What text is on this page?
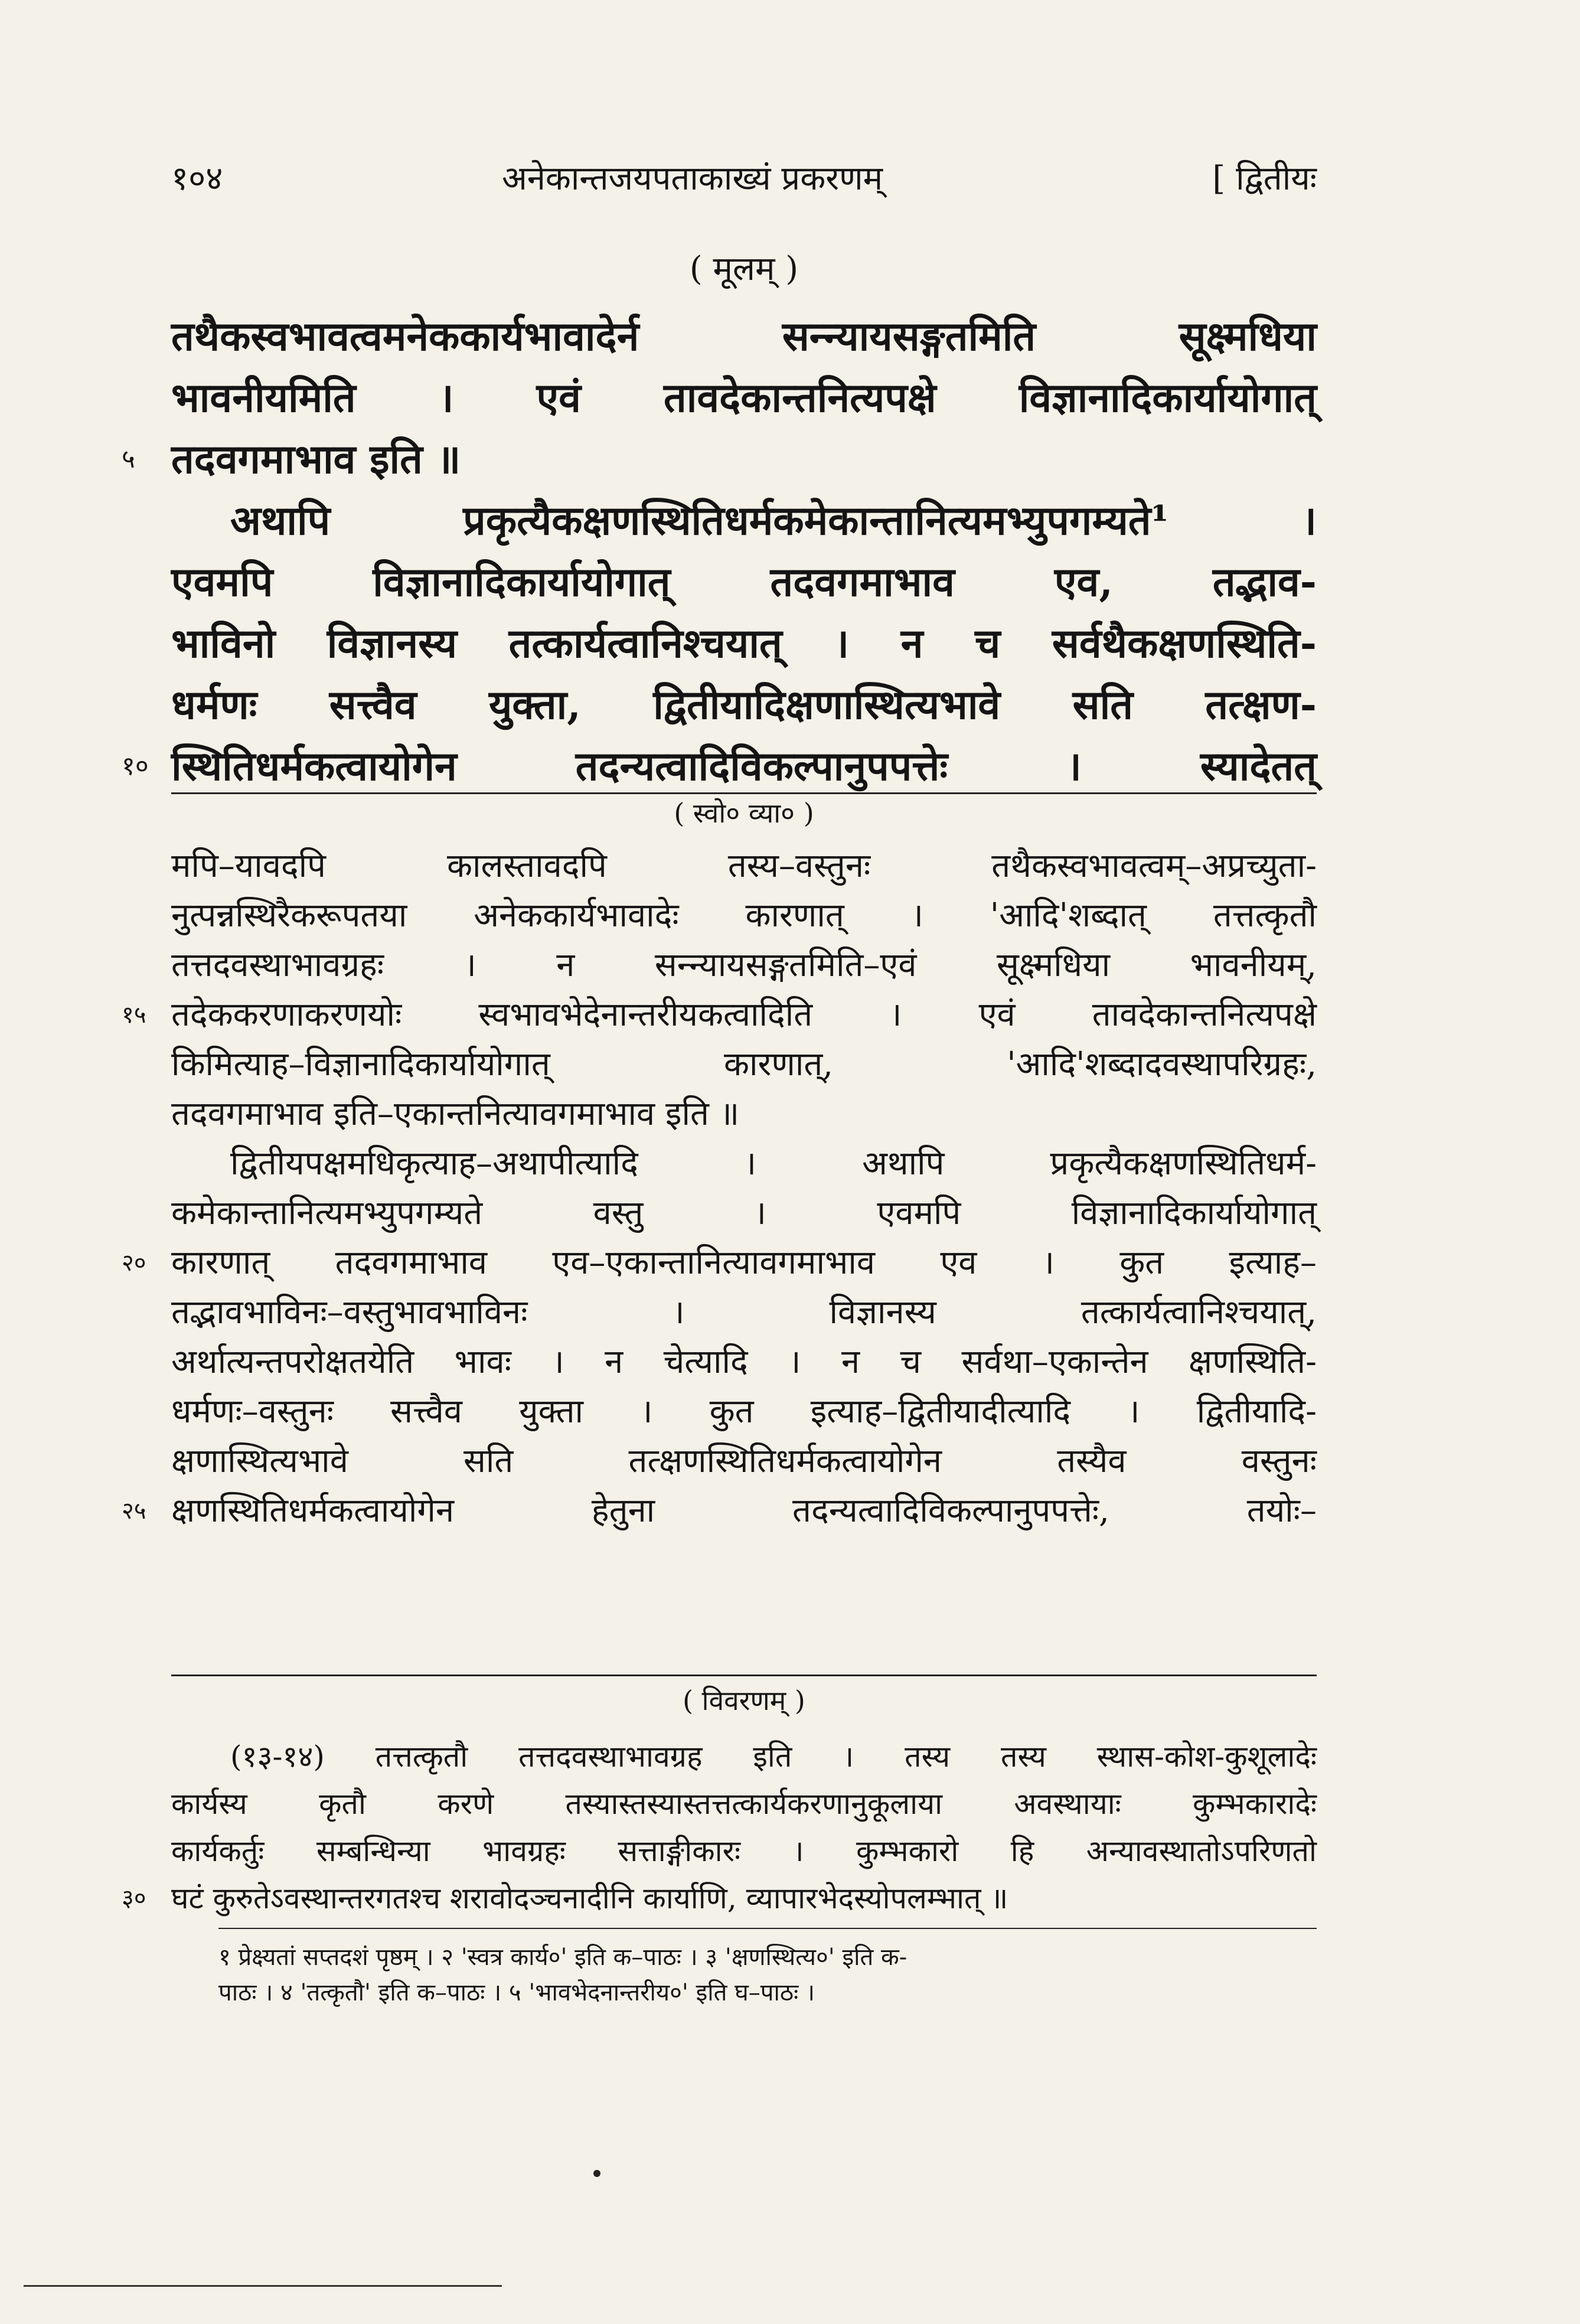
१०४	अनेकान्तजयपताकाख्यं प्रकरणम्	[ द्वितीयः
( मूलम् )
तथैकस्वभावत्वमनेककार्यभावादेर्न सन्न्यायसङ्गतमिति सूक्ष्मधिया
भावनीयमिति । एवं तावदेकान्तनित्यपक्षे विज्ञानादिकार्यायोगात्
५ तदवगमाभाव इति ॥
अथापि प्रकृत्यैकक्षणस्थितिधर्मकमेकान्तानित्यमभ्युपगम्यते¹ ।
एवमपि विज्ञानादिकार्यायोगात् तदवगमाभाव एव, तद्भाव-
भाविनो विज्ञानस्य तत्कार्यत्वानिश्चयात् । न च सर्वथैकक्षणस्थिति-
धर्मणः सत्त्वैव युक्ता, द्वितीयादिक्षणास्थित्यभावे सति तत्क्षण-
१० स्थितिधर्मकत्वायोगेन तदन्यत्वादिविकल्पानुपपत्तेः । स्यादेतत्
( स्वो० व्या० )
मपि–यावदपि कालस्तावदपि तस्य–वस्तुनः तथैकस्वभावत्वम्–अप्रच्युता-
नुत्पन्नस्थिरैकरूपतया अनेककार्यभावादेः कारणात् । 'आदि'शब्दात् तत्तत्कृतौ
तत्तदवस्थाभावग्रहः । न सन्न्यायसङ्गतमिति–एवं सूक्ष्मधिया भावनीयम्,
१५ तदेककरणाकरणयोः स्वभावभेदेनान्तरीयकत्वादिति । एवं तावदेकान्तनित्यपक्षे
किमित्याह–विज्ञानादिकार्यायोगात् कारणात्, 'आदि'शब्दादवस्थापरिग्रहः,
तदवगमाभाव इति–एकान्तनित्यावगमाभाव इति ॥
द्वितीयपक्षमधिकृत्याह–अथापीत्यादि । अथापि प्रकृत्यैकक्षणस्थितिधर्म-
कमेकान्तानित्यमभ्युपगम्यते वस्तु । एवमपि विज्ञानादिकार्यायोगात्
२० कारणात् तदवगमाभाव एव–एकान्तानित्यावगमाभाव एव । कुत इत्याह–
तद्भावभाविनः–वस्तुभावभाविनः । विज्ञानस्य तत्कार्यत्वानिश्चयात्,
अर्थात्यन्तपरोक्षतयेति भावः । न चेत्यादि । न च सर्वथा–एकान्तेन क्षणस्थिति-
धर्मणः–वस्तुनः सत्त्वैव युक्ता । कुत इत्याह–द्वितीयादीत्यादि । द्वितीयादि-
क्षणास्थित्यभावे सति तत्क्षणस्थितिधर्मकत्वायोगेन तस्यैव वस्तुनः
२५ क्षणस्थितिधर्मकत्वायोगेन हेतुना तदन्यत्वादिविकल्पानुपपत्तेः, तयोः–
( विवरणम् )
(१३-१४) तत्तत्कृतौ तत्तदवस्थाभावग्रह इति । तस्य तस्य स्थास-कोश-कुशूलादेः
कार्यस्य कृतौ करणे तस्यास्तस्यास्तत्तत्कार्यकरणानुकूलाया अवस्थायाः कुम्भकारादेः
कार्यकर्तुः सम्बन्धिन्या भावग्रहः सत्ताङ्गीकारः । कुम्भकारो हि अन्यावस्थातोऽपरिणतो
३० घटं कुरुतेऽवस्थान्तरगतश्च शरावोदञ्चनादीनि कार्याणि, व्यापारभेदस्योपलम्भात् ॥
१ प्रेक्ष्यतां सप्तदशं पृष्ठम् । २ 'स्वत्र कार्य०' इति क–पाठः । ३ 'क्षणस्थित्य०' इति क-
पाठः । ४ 'तत्कृतौ' इति क–पाठः । ५ 'भावभेदनान्तरीय०' इति घ–पाठः ।
